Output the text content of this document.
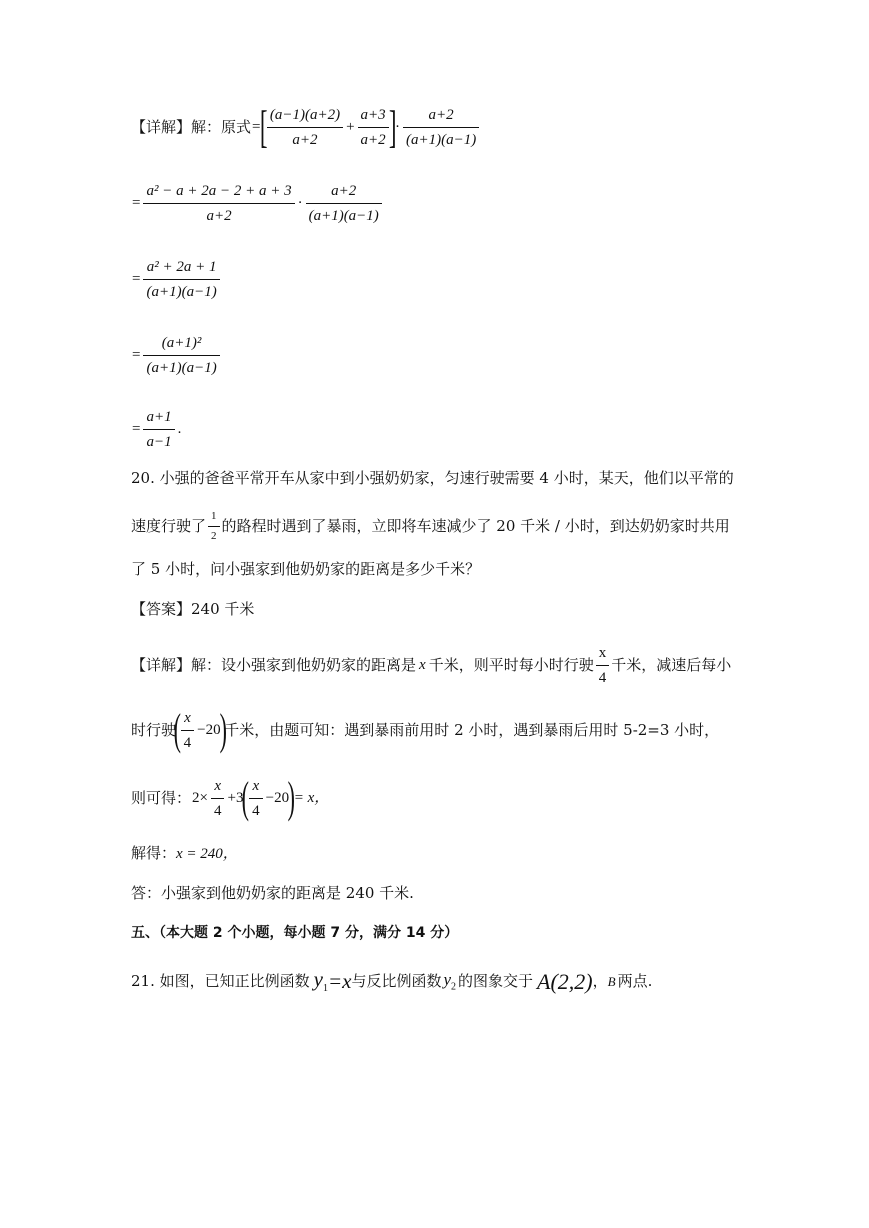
【详解】解：原式=[ $\frac{(a-1)(a+2)}{a+2} + \frac{a+3}{a+2}$ ]· $\frac{a+2}{(a+1)(a-1)}$
= $\frac{\text{a² − a + 2a − 2 + a + 3}}{a+2} \cdot \frac{a+2}{(a+1)(a-1)}$
= $\frac{\text{a² + 2a + 1}}{(a+1)(a-1)}$
= $\frac{\text{(a+1)²}}{(a+1)(a-1)}$
= $\frac{a+1}{a-1}$ .
20. 小强的爸爸平常开车从家中到小强奶奶家，匀速行驶需要 4 小时，某天，他们以平常的
速度行驶了 $\frac{1}{2}$ 的路程时遇到了暴雨，立即将车速减少了 20 千米 / 小时，到达奶奶家时共用
了 5 小时，问小强家到他奶奶家的距离是多少千米？
【答案】240 千米
【详解】解：设小强家到他奶奶家的距离是 x 千米，则平时每小时行驶 $\frac{x}{4}$ 千米，减速后每小
时行驶( $\frac{x}{4} -20$)千米，由题可知：遇到暴雨前用时 2 小时，遇到暴雨后用时 5-2=3 小时，
则可得：$2\times \frac{x}{4} +3( \frac{x}{4} -20)= x$，
解得：x = 240，
答：小强家到他奶奶家的距离是 240 千米.
五、（本大题 2 个小题，每小题 7 分，满分 14 分）
21. 如图，已知正比例函数 $y_1=x$与反比例函数 $y_2$ 的图象交于 A(2,2)，B 两点.
